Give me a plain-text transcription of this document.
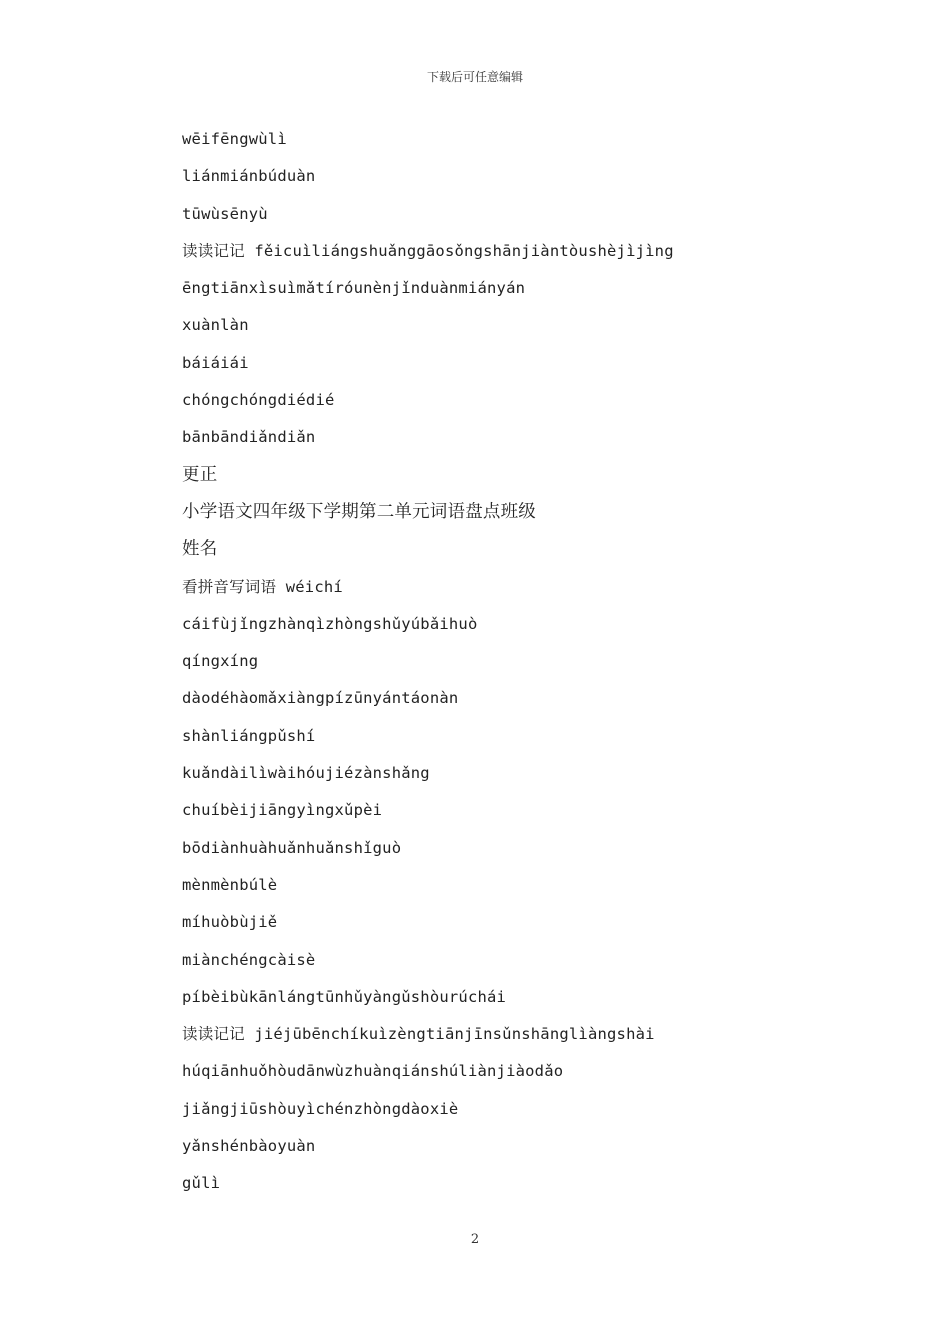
下载后可任意编辑
wēifēngwùlì
liánmiánbúduàn
tūwùsēnyù
读读记记 fěicuìliángshuǎnggāosǒngshānjiàntòushèjìjìng
ēngtiānxìsuìmǎtíróunènjǐnduànmiányán
xuànlàn
báiáiái
chóngchóngdiédié
bānbāndiǎndiǎn
更正
小学语文四年级下学期第二单元词语盘点班级
姓名
看拼音写词语 wéichí
cáifùjǐngzhànqìzhòngshǔyúbǎihuò
qíngxíng
dàodéhàomǎxiàngpízūnyántáonàn
shànliángpǔshí
kuǎndàilìwàihóujiézànshǎng
chuíbèijiāngyìngxǔpèi
bōdiànhuàhuǎnhuǎnshǐguò
mènmènbúlè
míhuòbùjiě
miànchéngcàisè
píbèibùkānlángtūnhǔyàngǔshòurúchái
读读记记 jiéjūbēnchíkuìzèngtiānjīnsǔnshānglìàngshài
húqiānhuǒhòudānwùzhuànqiánshúliànjiàodǎo
jiǎngjiūshòuyìchénzhòngdàoxiè
yǎnshénbàoyuàn
gǔlì
2
